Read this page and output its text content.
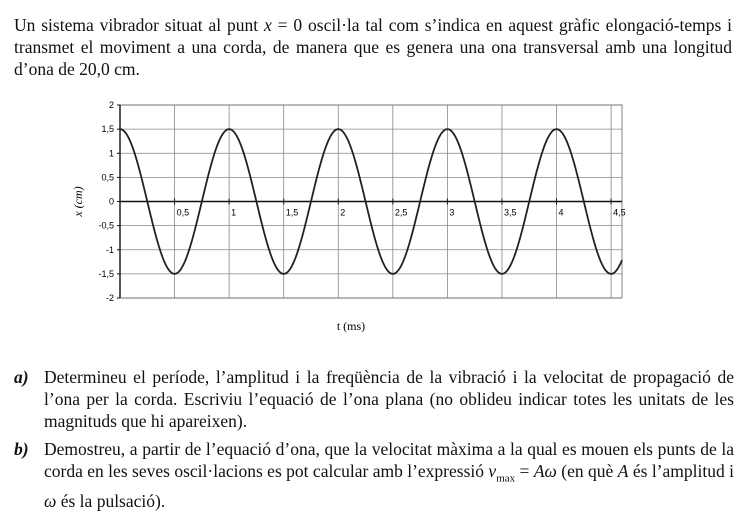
Un sistema vibrador situat al punt x = 0 oscil·la tal com s’indica en aquest gràfic elongació-temps i transmet el moviment a una corda, de manera que es genera una ona transversal amb una longitud d’ona de 20,0 cm.
2
1,5
1
0,5
0
-0,5
-1
-1,5
-2
0,5	1	1,5	2	2,5	3	3,5	4	4,5
x (cm)
t (ms)
a) Determineu el període, l’amplitud i la freqüència de la vibració i la velocitat de propagació de l’ona per la corda. Escriviu l’equació de l’ona plana (no oblideu indicar totes les unitats de les magnituds que hi apareixen).
b) Demostreu, a partir de l’equació d’ona, que la velocitat màxima a la qual es mouen els punts de la corda en les seves oscil·lacions es pot calcular amb l’expressió $v_{max} = A\omega$ (en què A és l’amplitud i ω és la pulsació).
